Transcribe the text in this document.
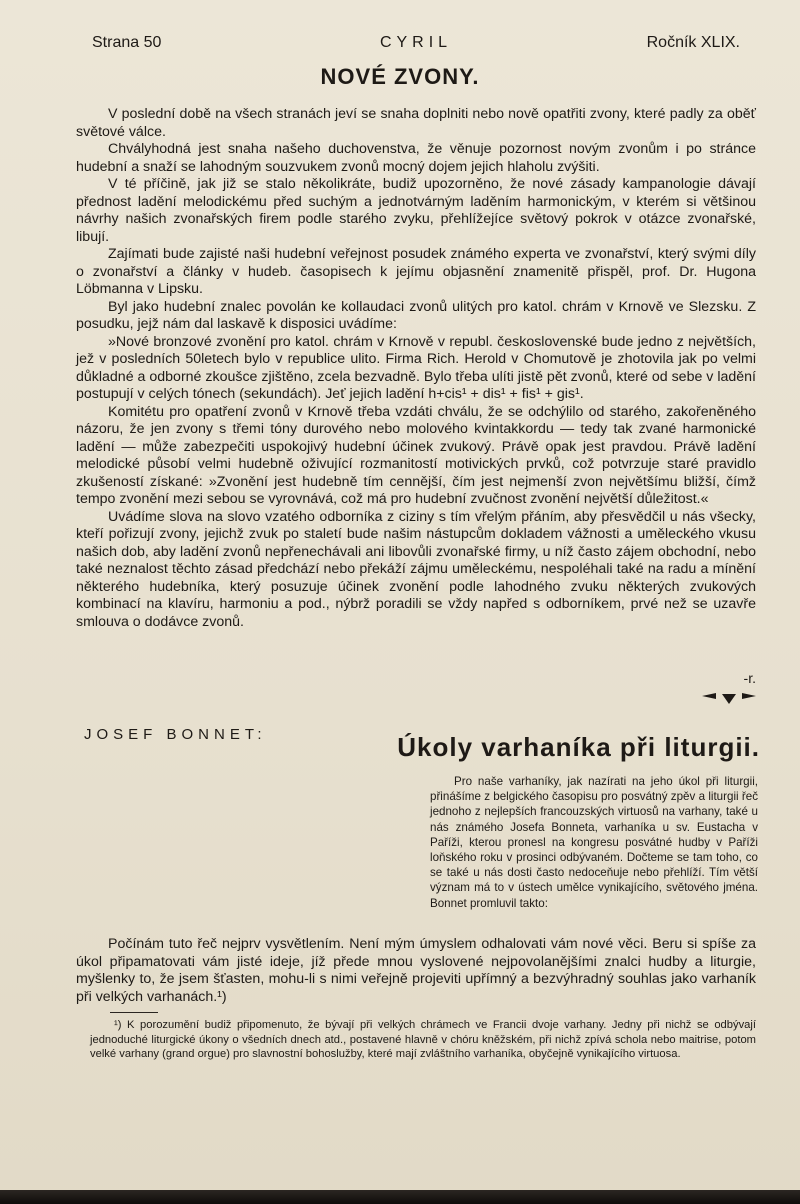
Strana 50	CYRIL	Ročník XLIX.
NOVÉ ZVONY.

V poslední době na všech stranách jeví se snaha doplniti nebo nově opatřiti zvony, které padly za oběť světové válce.

Chvályhodná jest snaha našeho duchovenstva, že věnuje pozornost novým zvonům i po stránce hudební a snaží se lahodným souzvukem zvonů mocný dojem jejich hlaholu zvýšiti.

V té příčině, jak již se stalo několikráte, budiž upozorněno, že nové zásady kampanologie dávají přednost ladění melodickému před suchým a jednotvárným laděním harmonickým, v kterém si většinou návrhy našich zvonařských firem podle starého zvyku, přehlížejíce světový pokrok v otázce zvonařské, libují.

Zajímati bude zajisté naši hudební veřejnost posudek známého experta ve zvonařství, který svými díly o zvonařství a články v hudeb. časopisech k jejímu objasnění znamenitě přispěl, prof. Dr. Hugona Löbmanna v Lipsku.

Byl jako hudební znalec povolán ke kollaudaci zvonů ulitých pro katol. chrám v Krnově ve Slezsku. Z posudku, jejž nám dal laskavě k disposici uvádíme:

»Nové bronzové zvonění pro katol. chrám v Krnově v republ. československé bude jedno z největších, jež v posledních 50letech bylo v republice ulito. Firma Rich. Herold v Chomutově je zhotovila jak po velmi důkladné a odborné zkoušce zjištěno, zcela bezvadně. Bylo třeba ulíti jistě pět zvonů, které od sebe v ladění postupují v celých tónech (sekundách). Jeť jejich ladění h+cis¹ + dis¹ + fis¹ + gis¹.

Komitétu pro opatření zvonů v Krnově třeba vzdáti chválu, že se odchýlilo od starého, zakořeněného názoru, že jen zvony s třemi tóny durového nebo molového kvintakkordu — tedy tak zvané harmonické ladění — může zabezpečiti uspokojivý hudební účinek zvukový. Právě opak jest pravdou. Právě ladění melodické působí velmi hudebně oživující rozmanitostí motivických prvků, což potvrzuje staré pravidlo zkušeností získané: »Zvonění jest hudebně tím cennější, čím jest nejmenší zvon největšímu bližší, čímž tempo zvonění mezi sebou se vyrovnává, což má pro hudební zvučnost zvonění největší důležitost.«

Uvádíme slova na slovo vzatého odborníka z ciziny s tím vřelým přáním, aby přesvědčil u nás všecky, kteří pořizují zvony, jejichž zvuk po staletí bude našim nástupcům dokladem vážnosti a uměleckého vkusu našich dob, aby ladění zvonů nepřenechávali ani libovůli zvonařské firmy, u níž často zájem obchodní, nebo také neznalost těchto zásad předchází nebo překáží zájmu uměleckému, nespoléhali také na radu a mínění některého hudebníka, který posuzuje účinek zvonění podle lahodného zvuku některých zvukových kombinací na klavíru, harmoniu a pod., nýbrž poradili se vždy napřed s odborníkem, prvé než se uzavře smlouva o dodávce zvonů.

-r.
JOSEF BONNET:	Úkoly varhaníka při liturgii.

Pro naše varhaníky, jak nazírati na jeho úkol při liturgii, přinášíme z belgického časopisu pro posvátný zpěv a liturgii řeč jednoho z nejlepších francouzských virtuosů na varhany, také u nás známého Josefa Bonneta, varhaníka u sv. Eustacha v Paříži, kterou pronesl na kongresu posvátné hudby v Paříži loňského roku v prosinci odbývaném. Dočteme se tam toho, co se také u nás dosti často nedoceňuje nebo přehlíží. Tím větší význam má to v ústech umělce vynikajícího, světového jména. Bonnet promluvil takto:

Počínám tuto řeč nejprv vysvětlením. Není mým úmyslem odhalovati vám nové věci. Beru si spíše za úkol připamatovati vám jisté ideje, jíž přede mnou vyslovené nejpovolanějšími znalci hudby a liturgie, myšlenky to, že jsem šťasten, mohu-li s nimi veřejně projeviti upřímný a bezvýhradný souhlas jako varhaník při velkých varhanách.¹)

¹) K porozumění budiž připomenuto, že bývají při velkých chrámech ve Francii dvoje varhany. Jedny při nichž se odbývají jednoduché liturgické úkony o všedních dnech atd., postavené hlavně v chóru kněžském, při nichž zpívá schola nebo maitrise, potom velké varhany (grand orgue) pro slavnostní bohoslužby, které mají zvláštního varhaníka, obyčejně vynikajícího virtuosa.
